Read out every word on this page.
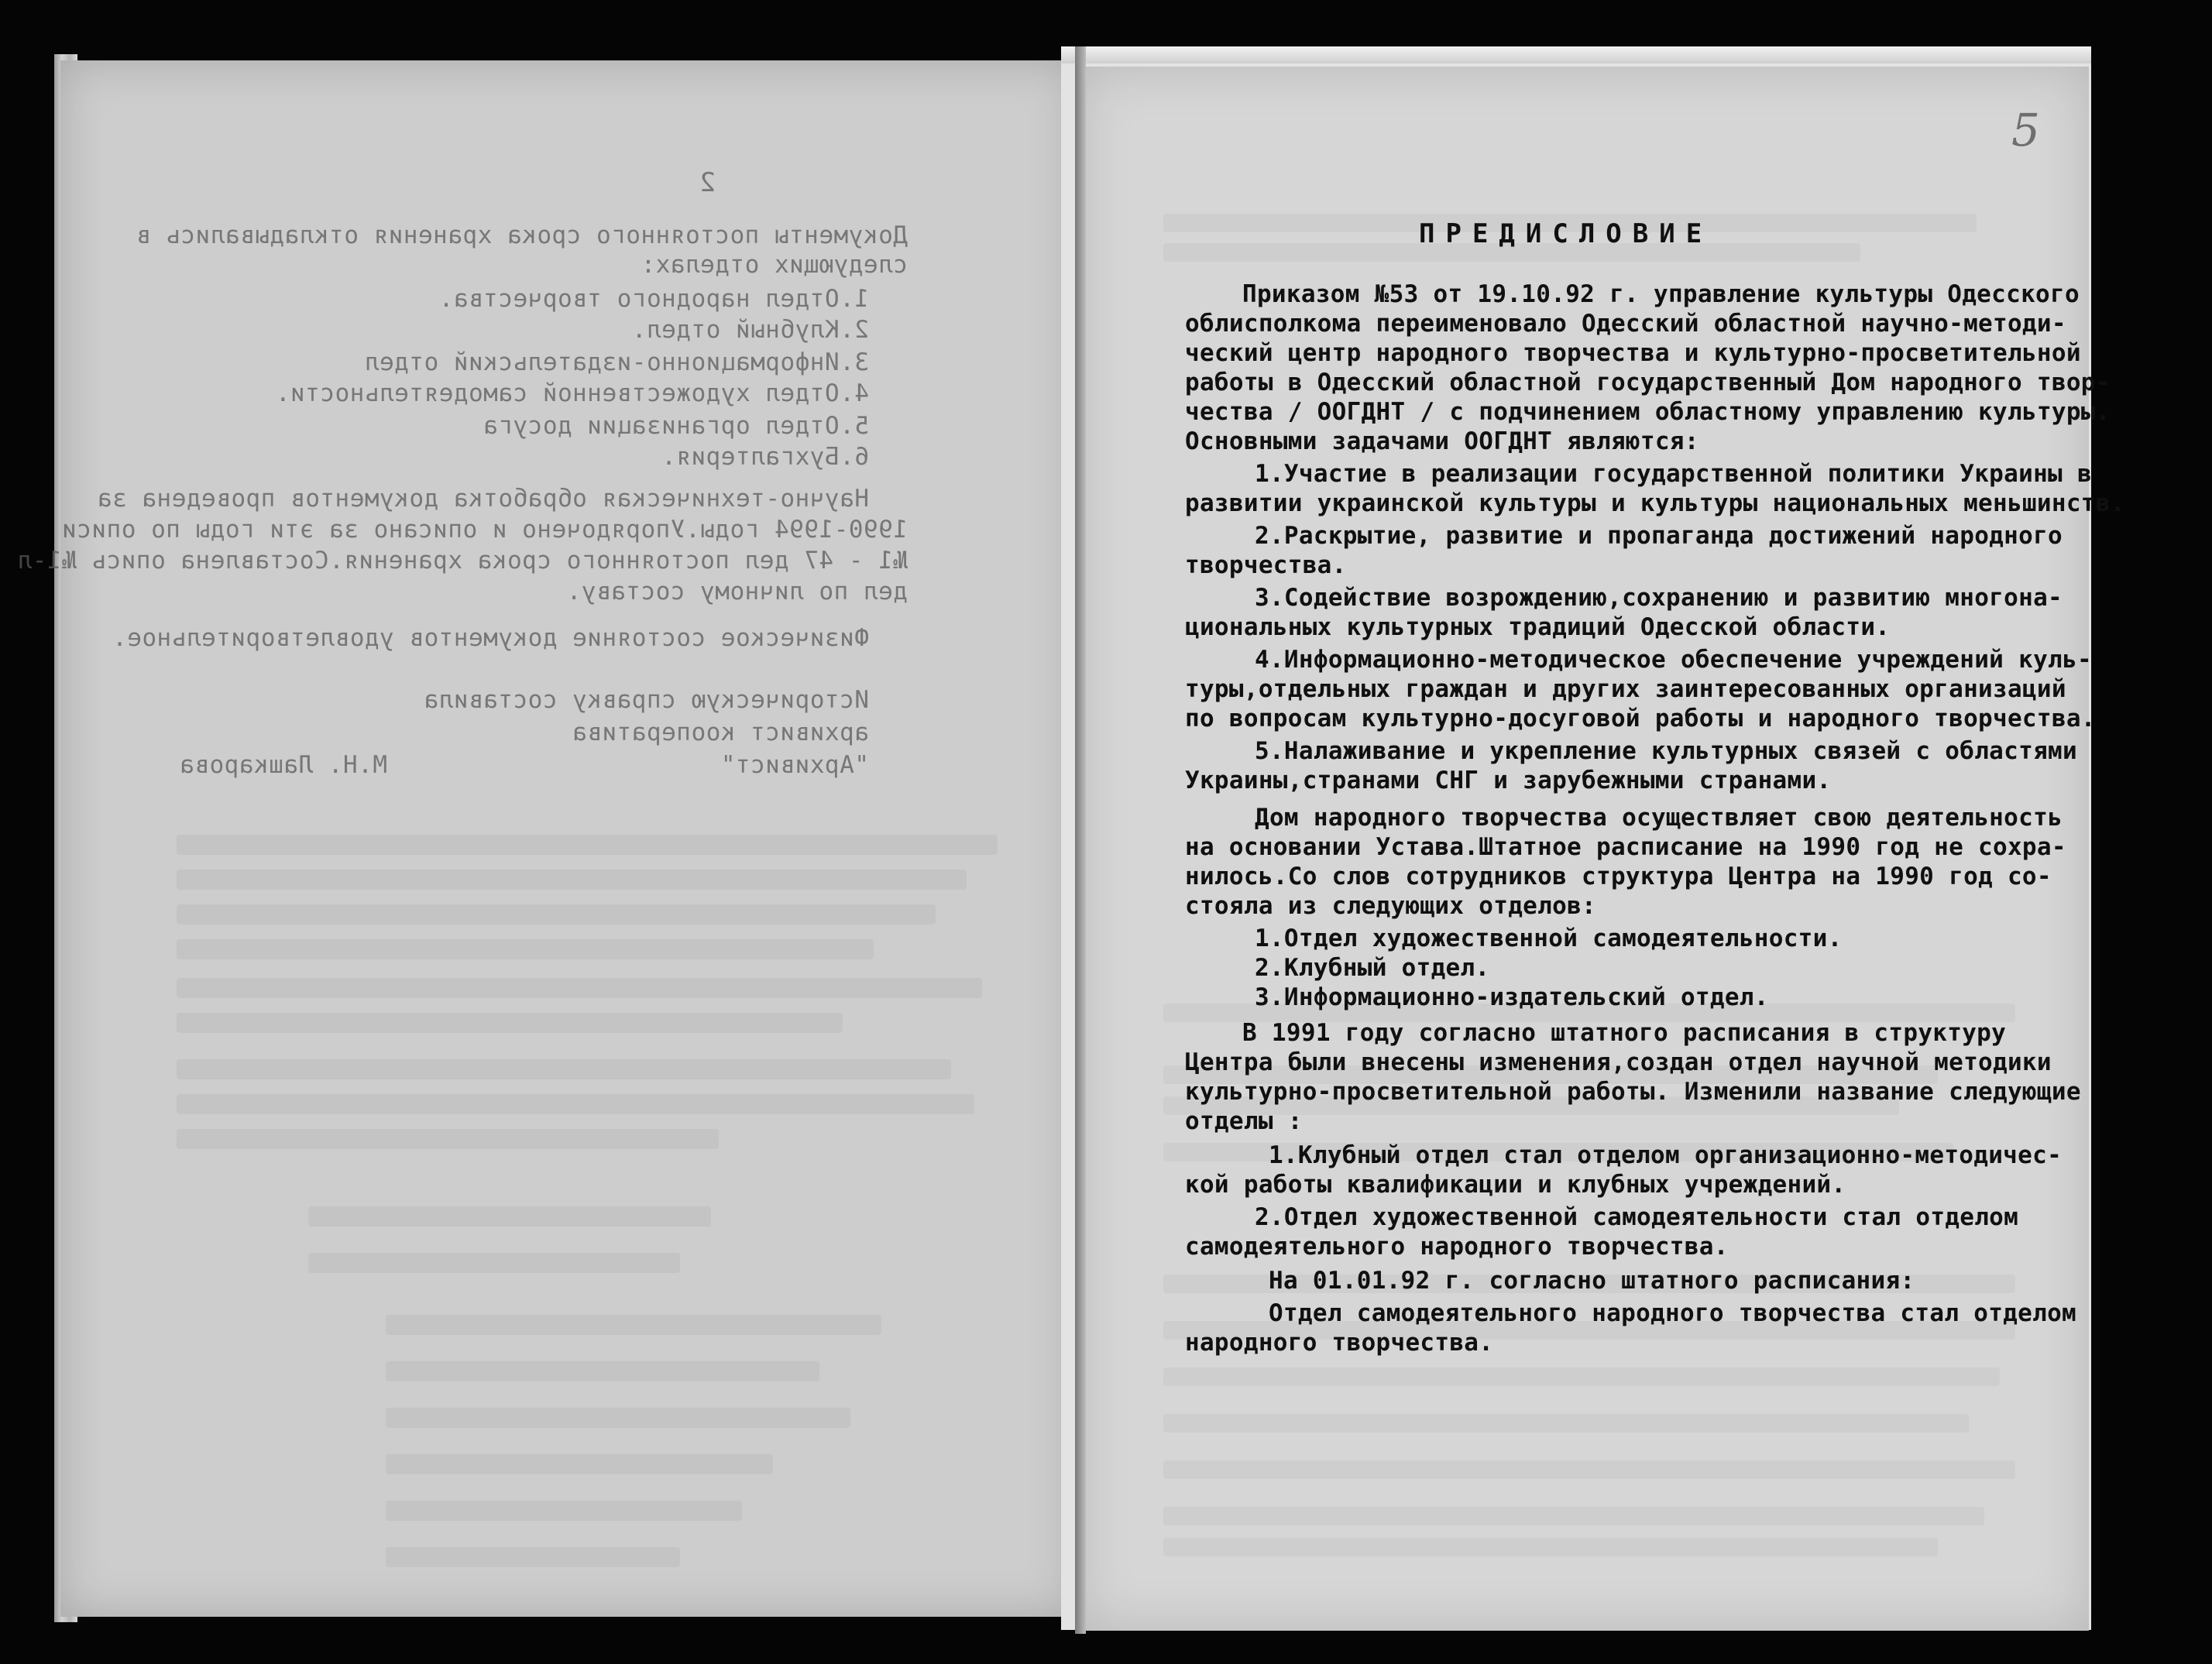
2
Документы постоянного срока хранения откладывались в
следующих отделах:
1.Отдел народного творчества.
2.Клубный отдел.
3.Информационно-издательский отдел
4.Отдел художественной самодеятельности.
5.Отдел организации досуга
6.Бухгалтерия.
Научно-техническая обработка документов проведена за
1990-1994 годы.Упорядочено и описано за эти годы по описи
№1 - 47 дел постоянного срока хранения.Составлена опись №1-л
дел по личному составу.
Физическое состояние документов удовлетворительное.
Историческую справку составила
архивист кооператива
"Архивист"
М.Н. Лашкарова
5
ПРЕДИСЛОВИЕ
Приказом №53 от 19.10.92 г. управление культуры Одесского
облисполкома переименовало Одесский областной научно-методи-
ческий центр народного творчества и культурно-просветительной
работы в Одесский областной государственный Дом народного твор-
чества / ООГДНТ / с подчинением областному управлению культуры.
Основными задачами ООГДНТ являются:
1.Участие в реализации государственной политики Украины в
развитии украинской культуры и культуры национальных меньшинств.
2.Раскрытие, развитие и пропаганда достижений народного
творчества.
3.Содействие возрождению,сохранению и развитию многона-
циональных культурных традиций Одесской области.
4.Информационно-методическое обеспечение учреждений куль-
туры,отдельных граждан и других заинтересованных организаций
по вопросам культурно-досуговой работы и народного творчества.
5.Налаживание и укрепление культурных связей с областями
Украины,странами СНГ и зарубежными странами.
Дом народного творчества осуществляет свою деятельность
на основании Устава.Штатное расписание на 1990 год не сохра-
нилось.Со слов сотрудников структура Центра на 1990 год со-
стояла из следующих отделов:
1.Отдел художественной самодеятельности.
2.Клубный отдел.
3.Информационно-издательский отдел.
В 1991 году согласно штатного расписания в структуру
Центра были внесены изменения,создан отдел научной методики
культурно-просветительной работы. Изменили название следующие
отделы :
1.Клубный отдел стал отделом организационно-методичес-
кой работы квалификации и клубных учреждений.
2.Отдел художественной самодеятельности стал отделом
самодеятельного народного творчества.
На 01.01.92 г. согласно штатного расписания:
Отдел самодеятельного народного творчества стал отделом
народного творчества.
